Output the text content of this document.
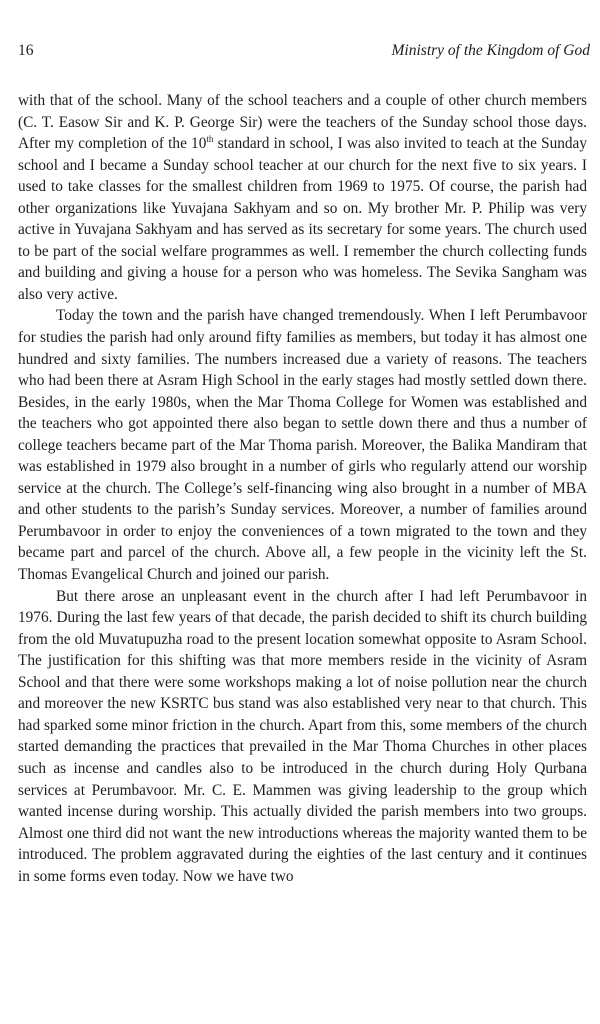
16	Ministry of the Kingdom of God

with that of the school. Many of the school teachers and a couple of other church members (C. T. Easow Sir and K. P. George Sir) were the teachers of the Sunday school those days. After my completion of the 10th standard in school, I was also invited to teach at the Sunday school and I became a Sunday school teacher at our church for the next five to six years. I used to take classes for the smallest children from 1969 to 1975. Of course, the parish had other organizations like Yuvajana Sakhyam and so on. My brother Mr. P. Philip was very active in Yuvajana Sakhyam and has served as its secretary for some years. The church used to be part of the social welfare programmes as well. I remember the church collecting funds and building and giving a house for a person who was homeless. The Sevika Sangham was also very active.

Today the town and the parish have changed tremendously. When I left Perumbavoor for studies the parish had only around fifty families as members, but today it has almost one hundred and sixty families. The numbers increased due a variety of reasons. The teachers who had been there at Asram High School in the early stages had mostly settled down there. Besides, in the early 1980s, when the Mar Thoma College for Women was established and the teachers who got appointed there also began to settle down there and thus a number of college teachers became part of the Mar Thoma parish. Moreover, the Balika Mandiram that was established in 1979 also brought in a number of girls who regularly attend our worship service at the church. The College’s self-financing wing also brought in a number of MBA and other students to the parish’s Sunday services. Moreover, a number of families around Perumbavoor in order to enjoy the conveniences of a town migrated to the town and they became part and parcel of the church. Above all, a few people in the vicinity left the St. Thomas Evangelical Church and joined our parish.

But there arose an unpleasant event in the church after I had left Perumbavoor in 1976. During the last few years of that decade, the parish decided to shift its church building from the old Muvatupuzha road to the present location somewhat opposite to Asram School. The justification for this shifting was that more members reside in the vicinity of Asram School and that there were some workshops making a lot of noise pollution near the church and moreover the new KSRTC bus stand was also established very near to that church. This had sparked some minor friction in the church. Apart from this, some members of the church started demanding the practices that prevailed in the Mar Thoma Churches in other places such as incense and candles also to be introduced in the church during Holy Qurbana services at Perumbavoor. Mr. C. E. Mammen was giving leadership to the group which wanted incense during worship. This actually divided the parish members into two groups. Almost one third did not want the new introductions whereas the majority wanted them to be introduced. The problem aggravated during the eighties of the last century and it continues in some forms even today. Now we have two
